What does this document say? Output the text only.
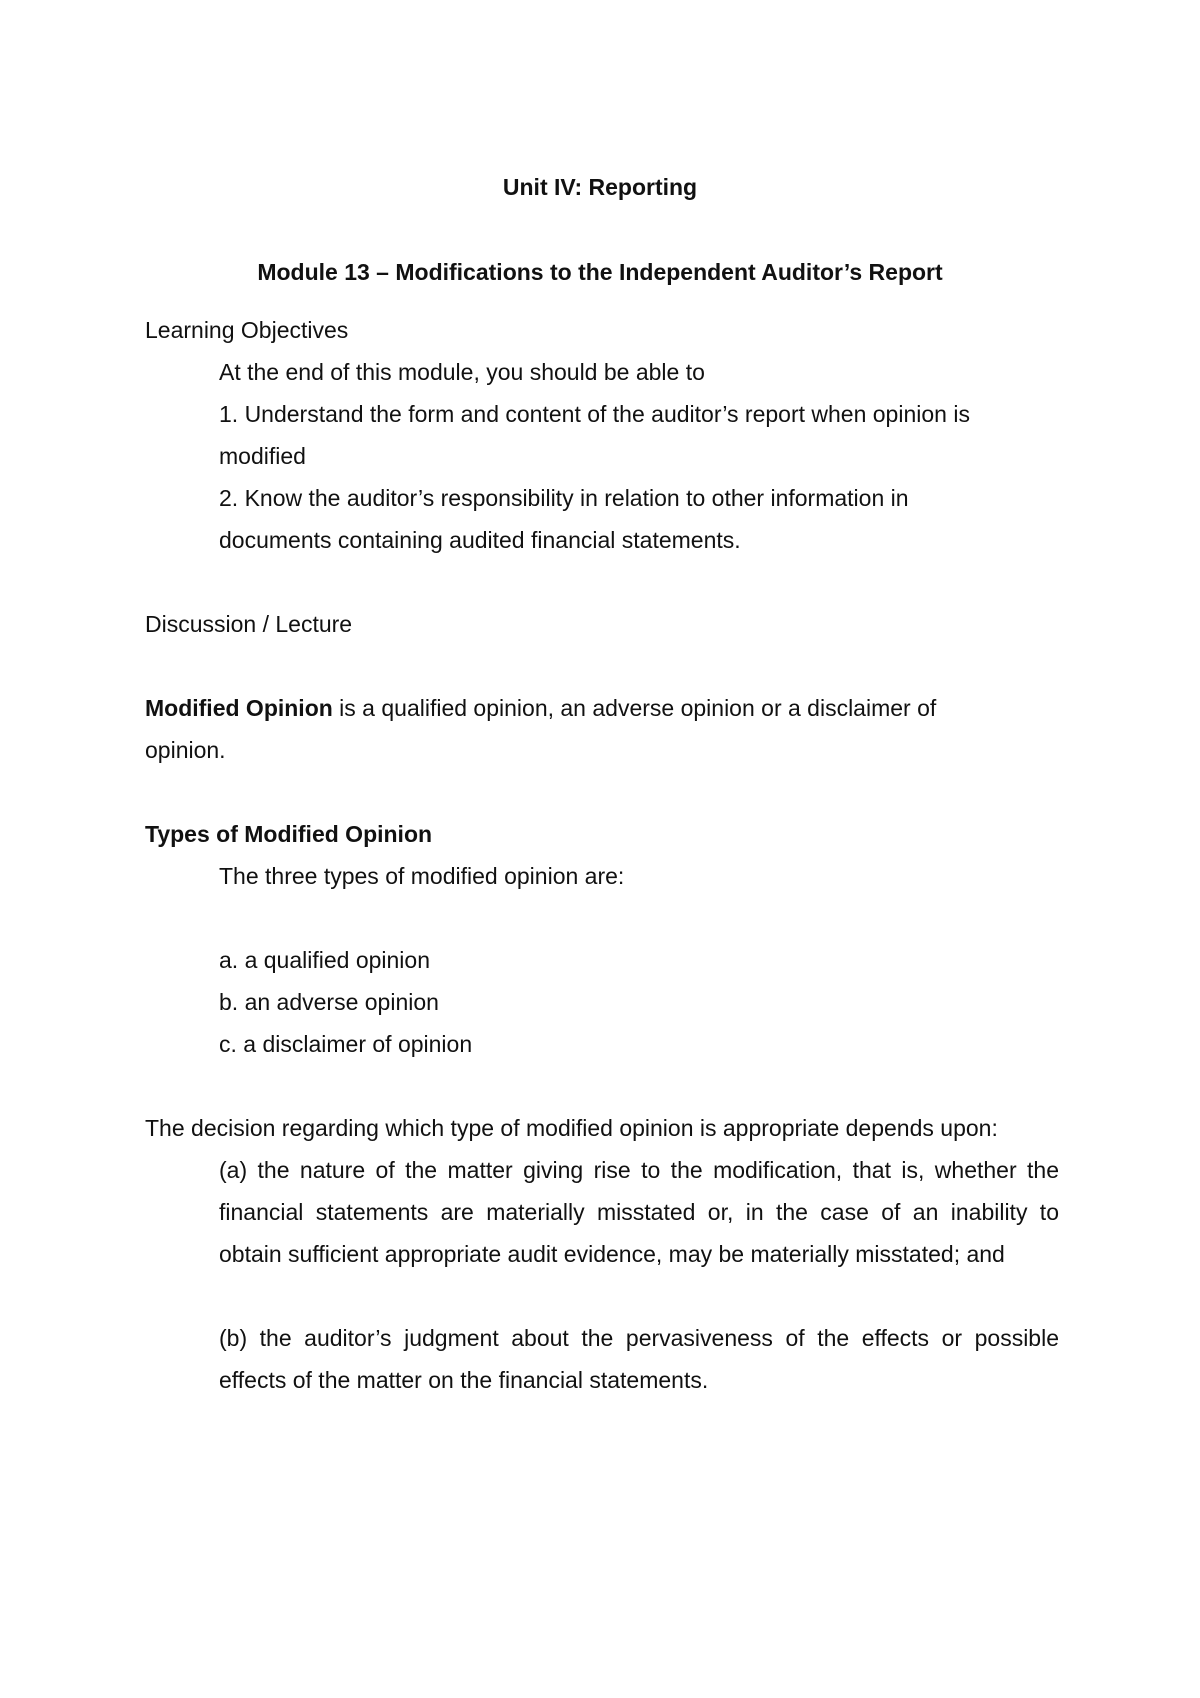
Unit IV: Reporting
Module 13 – Modifications to the Independent Auditor’s Report
Learning Objectives
At the end of this module, you should be able to
1. Understand the form and content of the auditor’s report when opinion is
modified
2. Know the auditor’s responsibility in relation to other information in
documents containing audited financial statements.
Discussion / Lecture
Modified Opinion is a qualified opinion, an adverse opinion or a disclaimer of
opinion.
Types of Modified Opinion
The three types of modified opinion are:
a. a qualified opinion
b. an adverse opinion
c. a disclaimer of opinion
The decision regarding which type of modified opinion is appropriate depends upon:
(a) the nature of the matter giving rise to the modification, that is, whether the
financial statements are materially misstated or, in the case of an inability to
obtain sufficient appropriate audit evidence, may be materially misstated; and
(b) the auditor’s judgment about the pervasiveness of the effects or possible
effects of the matter on the financial statements.
